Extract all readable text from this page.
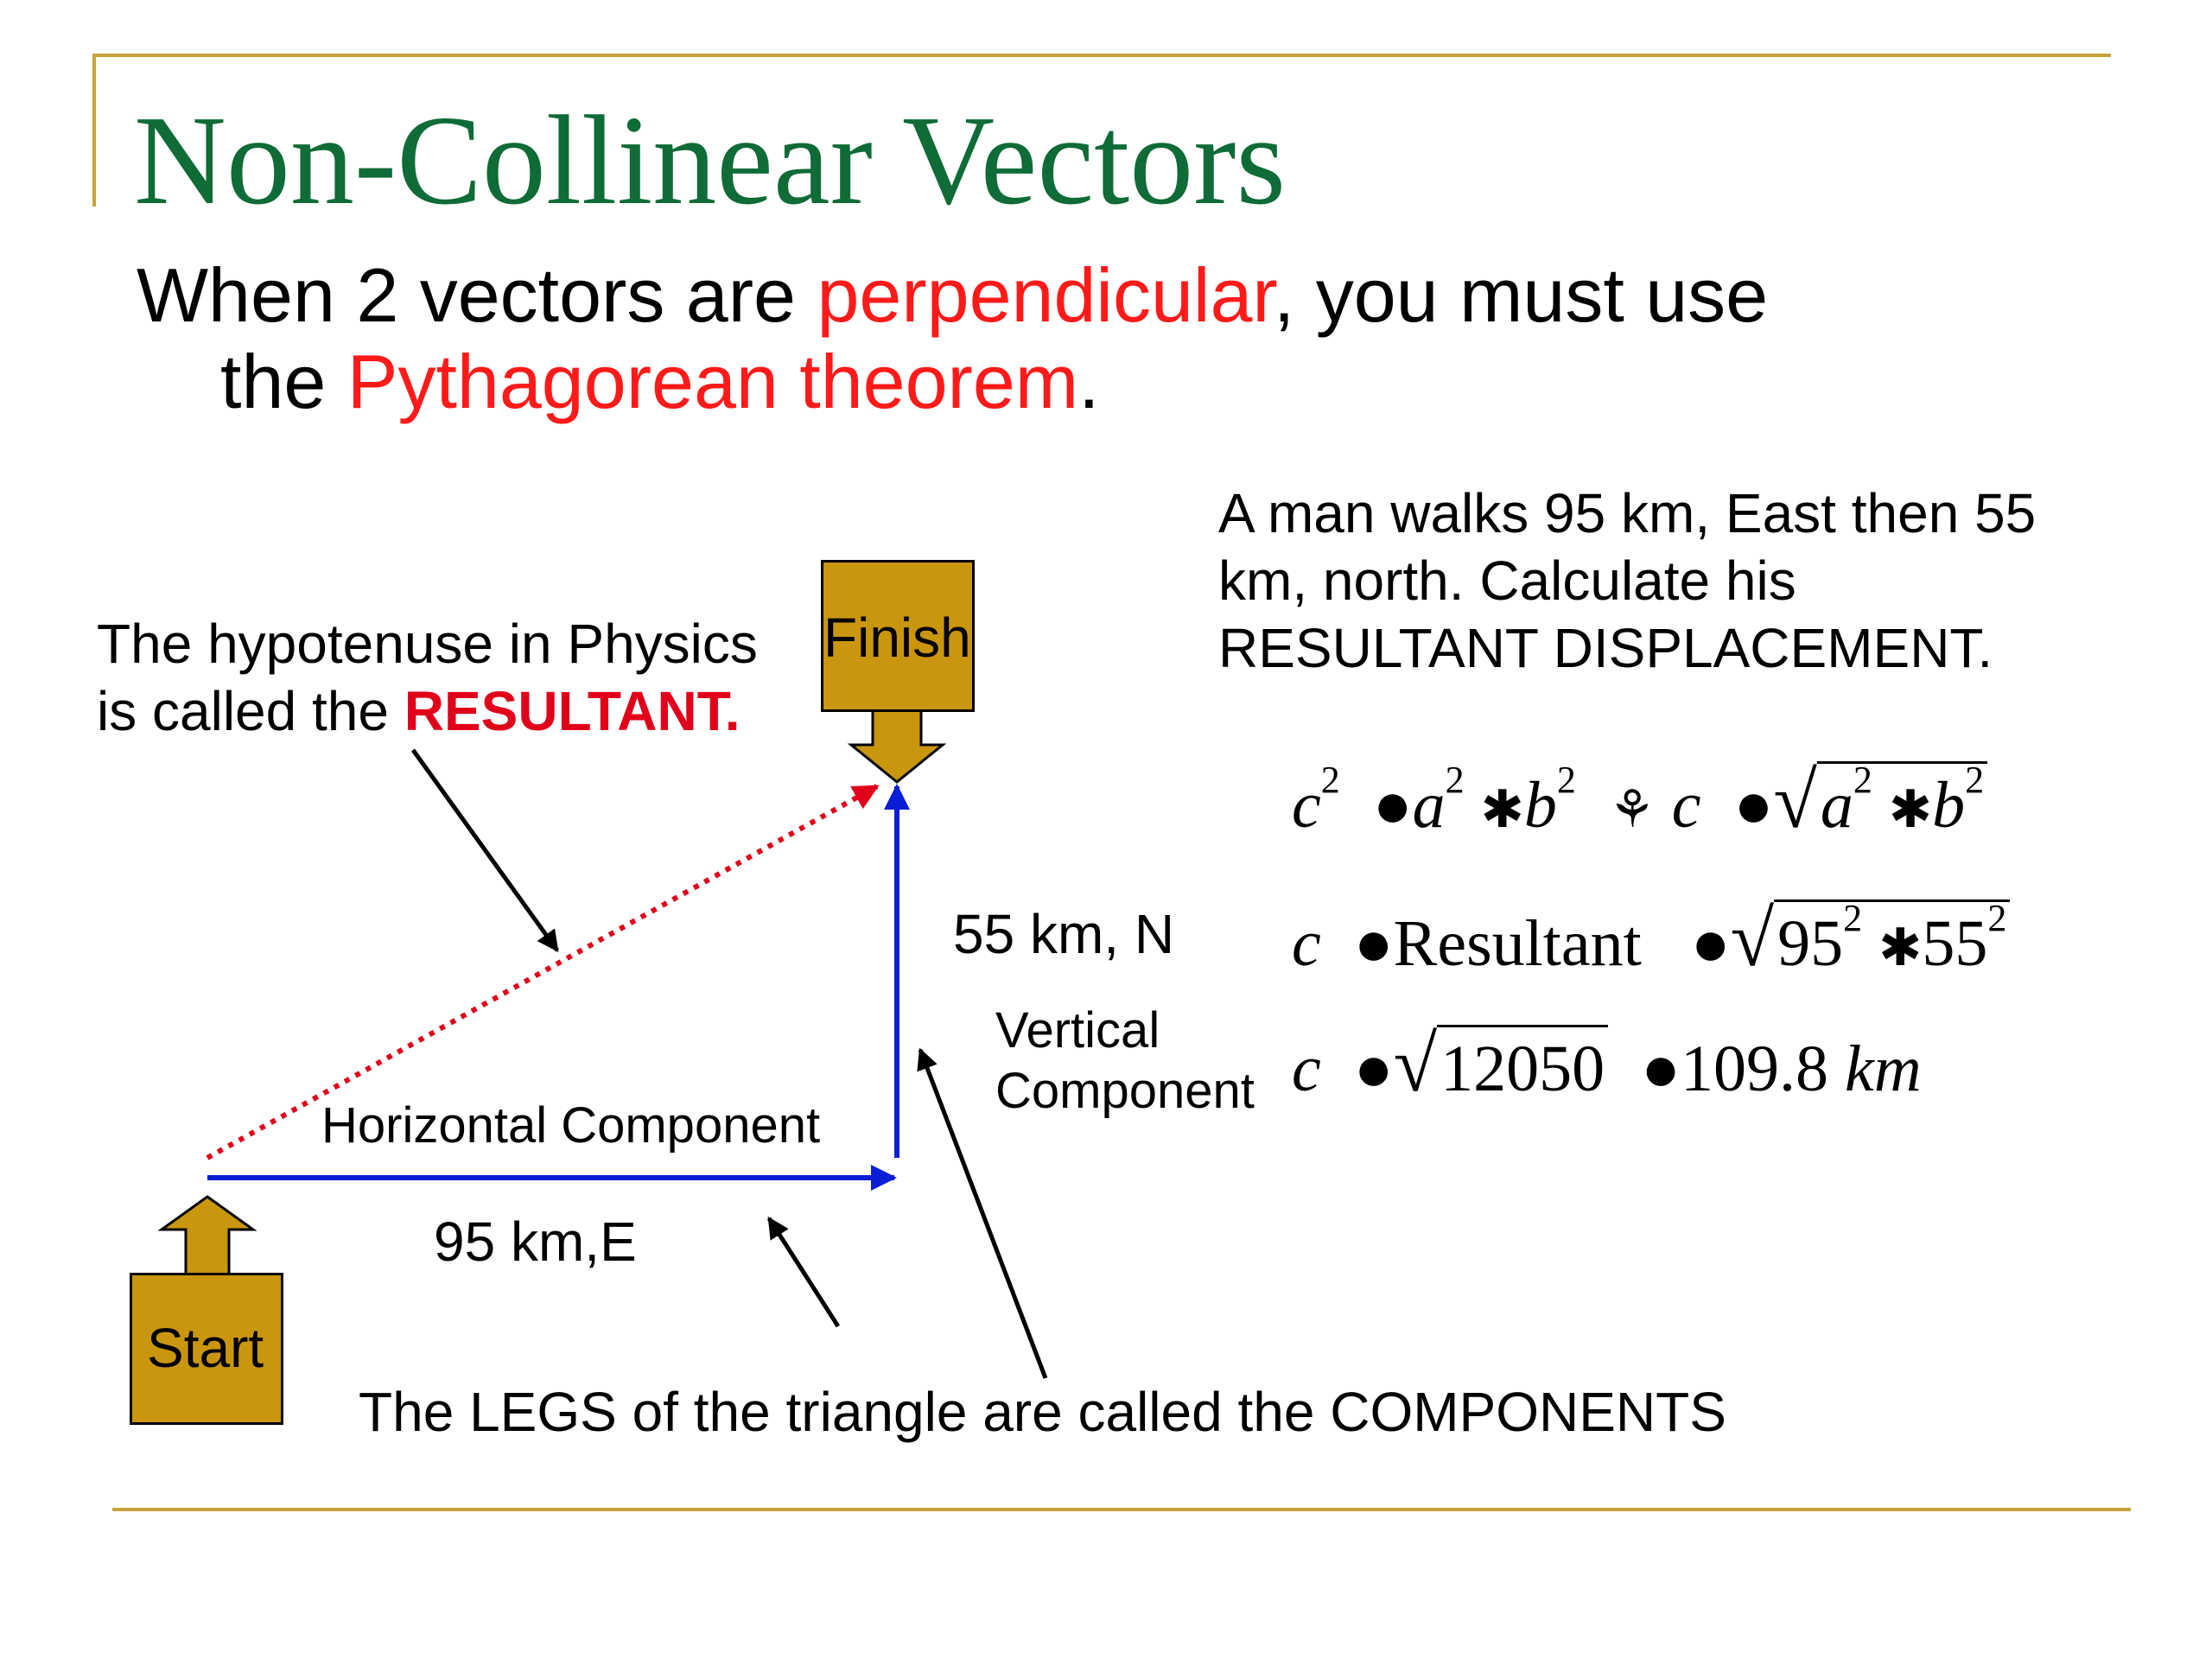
Non-Collinear Vectors
When 2 vectors are perpendicular, you must use
the Pythagorean theorem.
Finish
Start
The hypotenuse in Physics
is called the RESULTANT.
A man walks 95 km, East then 55
km, north. Calculate his
RESULTANT DISPLACEMENT.
55 km, N
Vertical
Component
Horizontal Component
95 km,E
The LEGS of the triangle are called the COMPONENTS
$c^2$  $●a^2$ $✱b^2$  ⚘ c  $●√a^2$ $✱b^2$
c  ●Resultant   $●√95^2$ $✱55^2$
c  ●√12050  ●109.8 km
